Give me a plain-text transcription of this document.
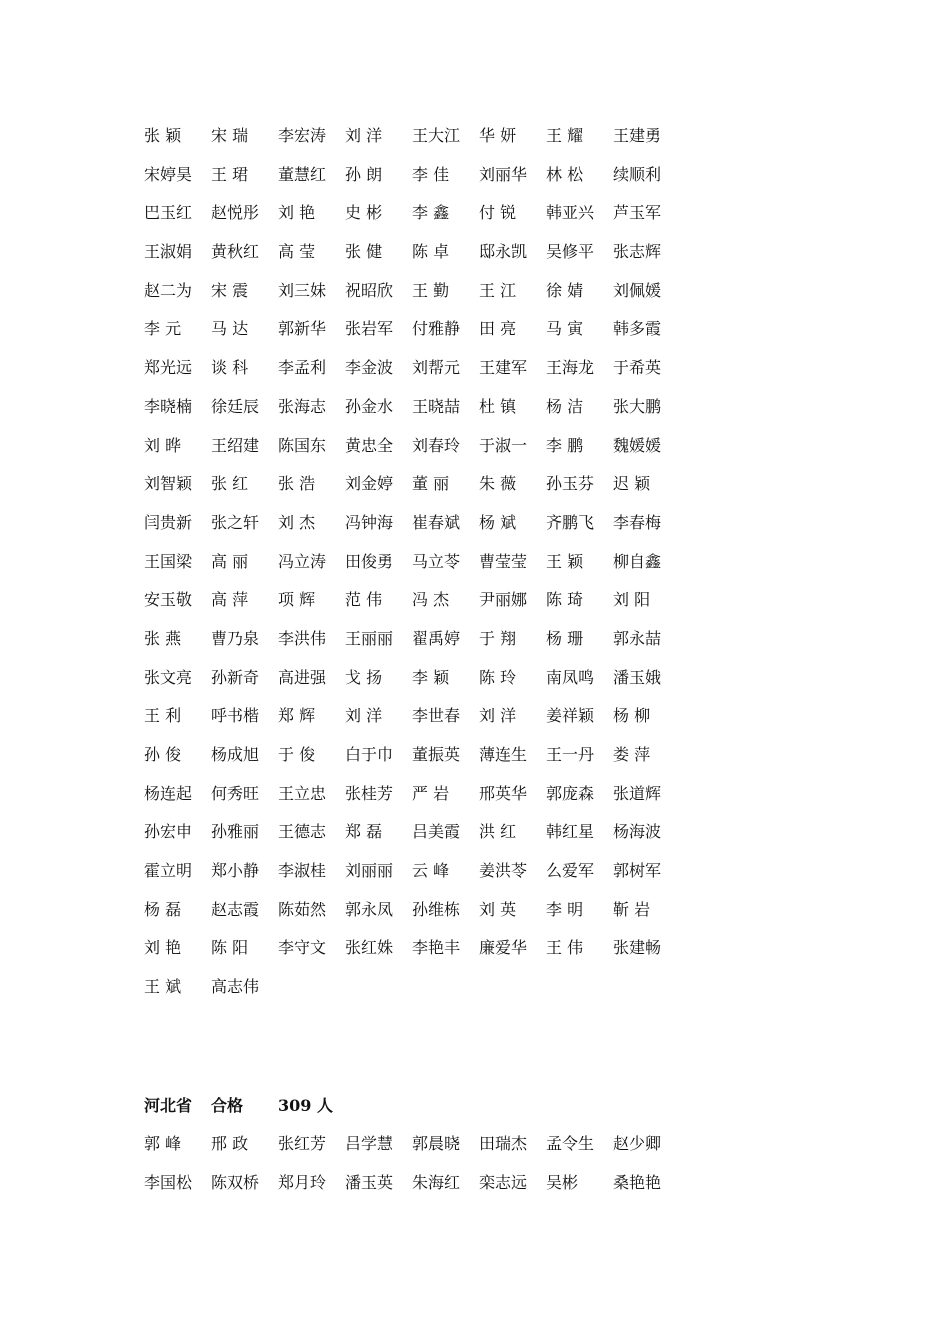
张 颖	宋 瑞	李宏涛	刘 洋	王大江	华 妍	王 耀	王建勇
宋婷昊	王 珺	董慧红	孙 朗	李 佳	刘丽华	林 松	续顺利
巴玉红	赵悦彤	刘 艳	史 彬	李 鑫	付 锐	韩亚兴	芦玉军
王淑娟	黄秋红	高 莹	张 健	陈 卓	邸永凯	吴修平	张志辉
赵二为	宋 震	刘三妹	祝昭欣	王 勤	王 江	徐 婧	刘佩媛
李 元	马 达	郭新华	张岩军	付雅静	田 亮	马 寅	韩多霞
郑光远	谈 科	李孟利	李金波	刘帮元	王建军	王海龙	于希英
李晓楠	徐廷辰	张海志	孙金水	王晓喆	杜 镇	杨 洁	张大鹏
刘 晔	王绍建	陈国东	黄忠全	刘春玲	于淑一	李 鹏	魏媛媛
刘智颖	张 红	张 浩	刘金婷	董 丽	朱 薇	孙玉芬	迟 颖
闫贵新	张之轩	刘 杰	冯钟海	崔春斌	杨 斌	齐鹏飞	李春梅
王国梁	高 丽	冯立涛	田俊勇	马立苓	曹莹莹	王 颖	柳自鑫
安玉敬	高 萍	项 辉	范 伟	冯 杰	尹丽娜	陈 琦	刘 阳
张 燕	曹乃泉	李洪伟	王丽丽	翟禹婷	于 翔	杨 珊	郭永喆
张文亮	孙新奇	高进强	戈 扬	李 颖	陈 玲	南凤鸣	潘玉娥
王 利	呼书楷	郑 辉	刘 洋	李世春	刘 洋	姜祥颖	杨 柳
孙 俊	杨成旭	于 俊	白于巾	董振英	薄连生	王一丹	娄 萍
杨连起	何秀旺	王立忠	张桂芳	严 岩	邢英华	郭庞森	张道辉
孙宏申	孙雅丽	王德志	郑 磊	吕美霞	洪 红	韩红星	杨海波
霍立明	郑小静	李淑桂	刘丽丽	云 峰	姜洪苓	么爱军	郭树军
杨 磊	赵志霞	陈茹然	郭永凤	孙维栋	刘 英	李 明	靳 岩
刘 艳	陈 阳	李守文	张红姝	李艳丰	廉爱华	王 伟	张建畅
王 斌	高志伟
河北省 合格 309 人
郭 峰	邢 政	张红芳	吕学慧	郭晨晓	田瑞杰	孟令生	赵少卿
李国松	陈双桥	郑月玲	潘玉英	朱海红	栾志远	吴彬	桑艳艳
